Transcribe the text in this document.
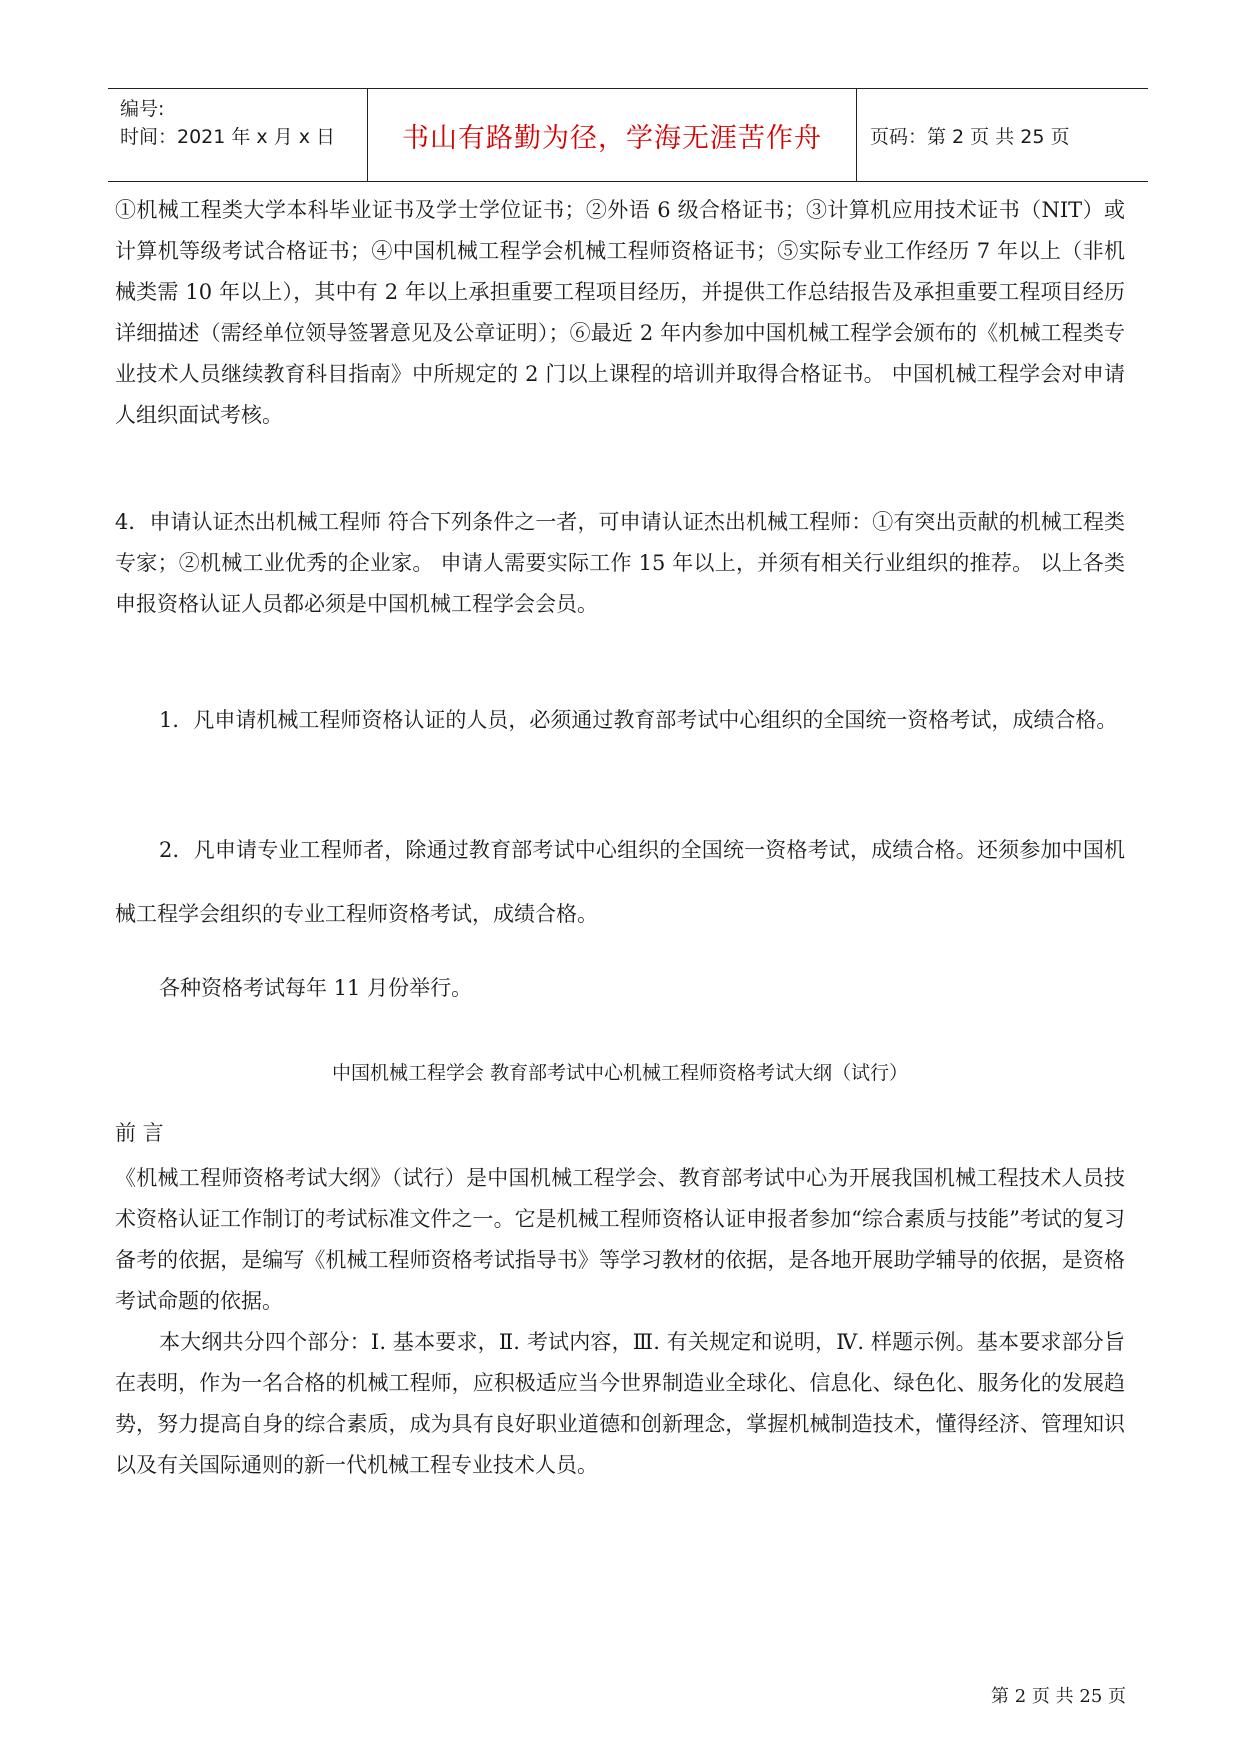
编号:
时间：2021 年 x 月 x 日	书山有路勤为径，学海无涯苦作舟	页码：第 2 页 共 25 页

①机械工程类大学本科毕业证书及学士学位证书；②外语 6 级合格证书；③计算机应用技术证书（NIT）或计算机等级考试合格证书；④中国机械工程学会机械工程师资格证书；⑤实际专业工作经历 7 年以上（非机械类需 10 年以上），其中有 2 年以上承担重要工程项目经历，并提供工作总结报告及承担重要工程项目经历详细描述（需经单位领导签署意见及公章证明）；⑥最近 2 年内参加中国机械工程学会颁布的《机械工程类专业技术人员继续教育科目指南》中所规定的 2 门以上课程的培训并取得合格证书。 中国机械工程学会对申请人组织面试考核。

4．申请认证杰出机械工程师 符合下列条件之一者，可申请认证杰出机械工程师：①有突出贡献的机械工程类专家；②机械工业优秀的企业家。 申请人需要实际工作 15 年以上，并须有相关行业组织的推荐。 以上各类申报资格认证人员都必须是中国机械工程学会会员。

1．凡申请机械工程师资格认证的人员，必须通过教育部考试中心组织的全国统一资格考试，成绩合格。

2．凡申请专业工程师者，除通过教育部考试中心组织的全国统一资格考试，成绩合格。还须参加中国机械工程学会组织的专业工程师资格考试，成绩合格。

各种资格考试每年 11 月份举行。

中国机械工程学会 教育部考试中心机械工程师资格考试大纲（试行）

前 言

《机械工程师资格考试大纲》（试行）是中国机械工程学会、教育部考试中心为开展我国机械工程技术人员技术资格认证工作制订的考试标准文件之一。它是机械工程师资格认证申报者参加“综合素质与技能”考试的复习备考的依据，是编写《机械工程师资格考试指导书》等学习教材的依据，是各地开展助学辅导的依据，是资格考试命题的依据。

本大纲共分四个部分：Ⅰ. 基本要求，Ⅱ. 考试内容，Ⅲ. 有关规定和说明，Ⅳ. 样题示例。基本要求部分旨在表明，作为一名合格的机械工程师，应积极适应当今世界制造业全球化、信息化、绿色化、服务化的发展趋势，努力提高自身的综合素质，成为具有良好职业道德和创新理念，掌握机械制造技术，懂得经济、管理知识以及有关国际通则的新一代机械工程专业技术人员。

第 2 页 共 25 页
